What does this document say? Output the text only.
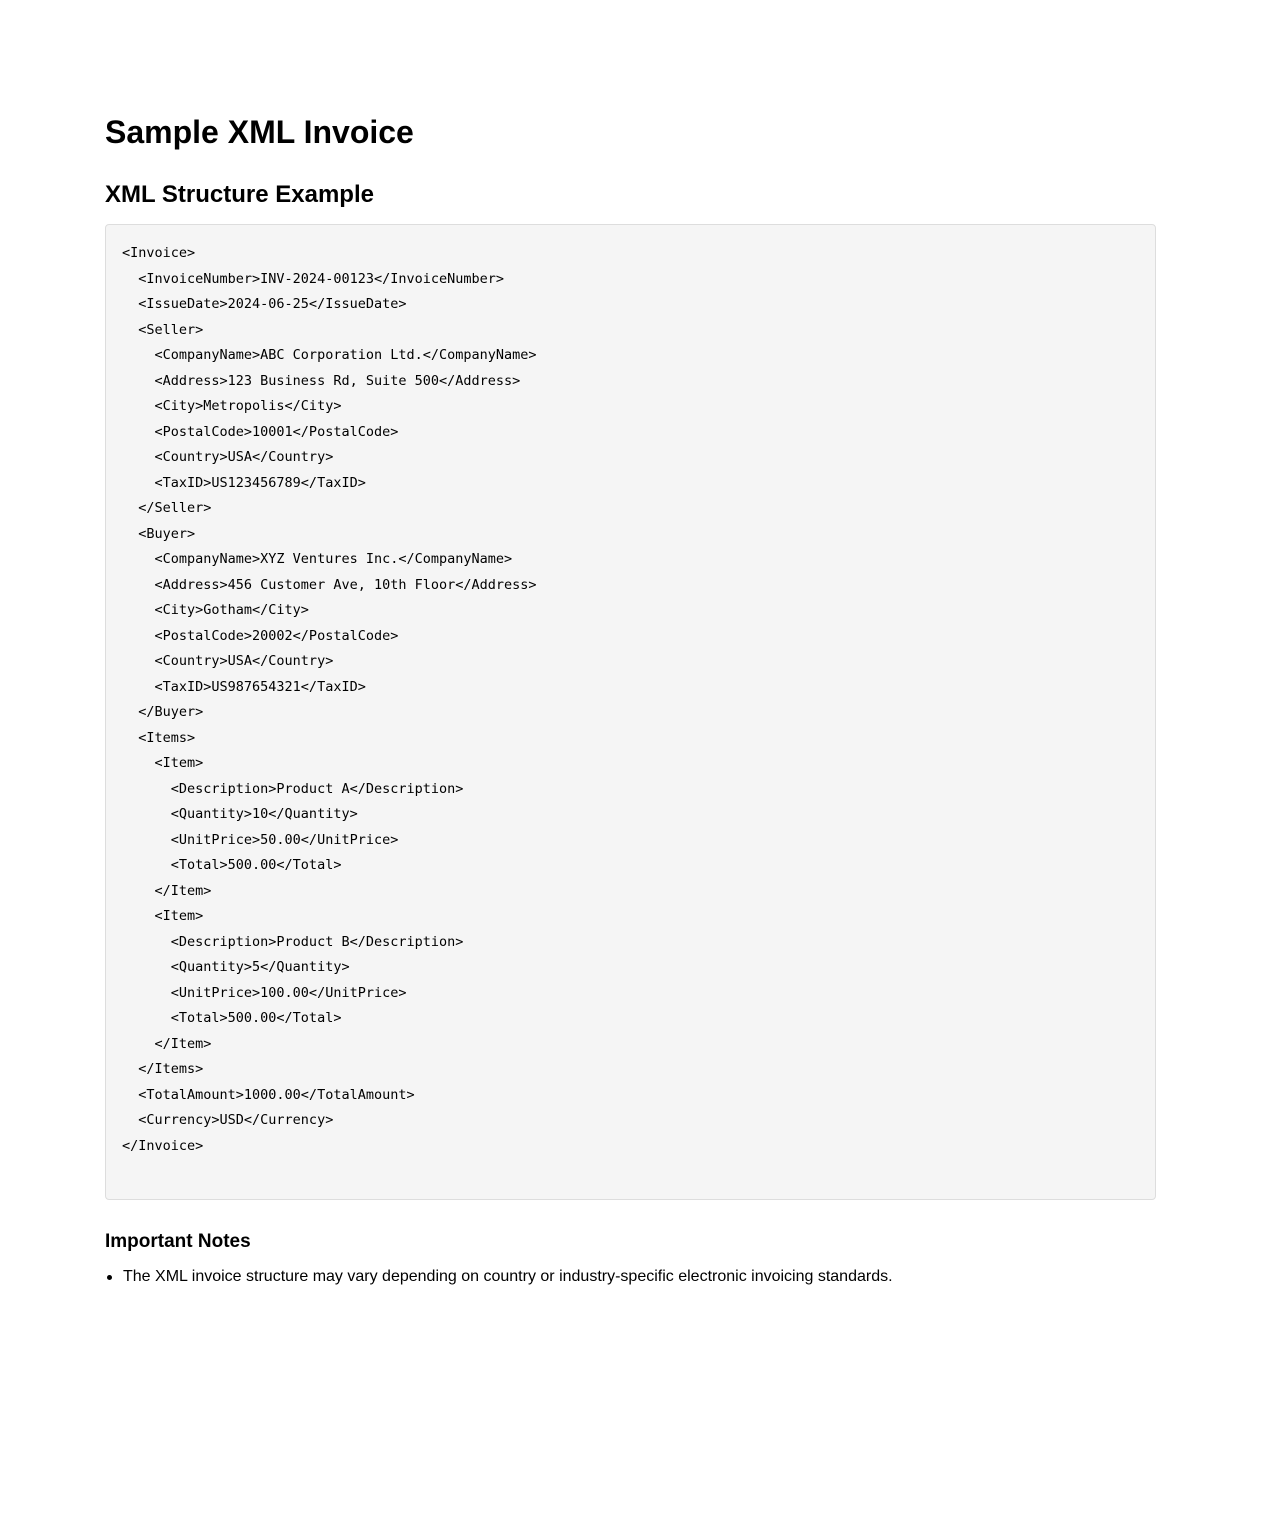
Sample XML Invoice
XML Structure Example
<Invoice>
<InvoiceNumber>INV-2024-00123</InvoiceNumber>
<IssueDate>2024-06-25</IssueDate>
<Seller>
<CompanyName>ABC Corporation Ltd.</CompanyName>
<Address>123 Business Rd, Suite 500</Address>
<City>Metropolis</City>
<PostalCode>10001</PostalCode>
<Country>USA</Country>
<TaxID>US123456789</TaxID>
</Seller>
<Buyer>
<CompanyName>XYZ Ventures Inc.</CompanyName>
<Address>456 Customer Ave, 10th Floor</Address>
<City>Gotham</City>
<PostalCode>20002</PostalCode>
<Country>USA</Country>
<TaxID>US987654321</TaxID>
</Buyer>
<Items>
<Item>
<Description>Product A</Description>
<Quantity>10</Quantity>
<UnitPrice>50.00</UnitPrice>
<Total>500.00</Total>
</Item>
<Item>
<Description>Product B</Description>
<Quantity>5</Quantity>
<UnitPrice>100.00</UnitPrice>
<Total>500.00</Total>
</Item>
</Items>
<TotalAmount>1000.00</TotalAmount>
<Currency>USD</Currency>
</Invoice>
Important Notes
The XML invoice structure may vary depending on country or industry-specific electronic invoicing standards.
